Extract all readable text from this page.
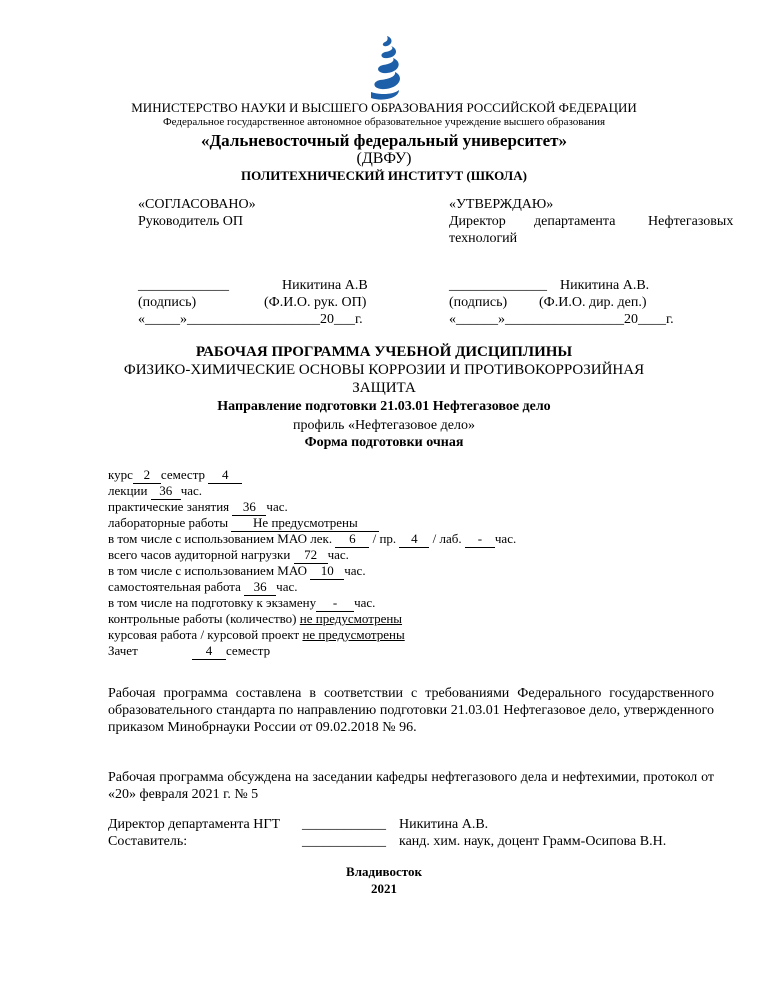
МИНИСТЕРСТВО НАУКИ И ВЫСШЕГО ОБРАЗОВАНИЯ РОССИЙСКОЙ ФЕДЕРАЦИИ
Федеральное государственное автономное образовательное учреждение высшего образования
«Дальневосточный федеральный университет»
(ДВФУ)
ПОЛИТЕХНИЧЕСКИЙ ИНСТИТУТ (ШКОЛА)
«СОГЛАСОВАНО»
Руководитель ОП
_____________	Никитина А.В
(подпись)	(Ф.И.О. рук. ОП)
«_____»___________________20___г.
«УТВЕРЖДАЮ»
Директор департамента Нефтегазовых
технологий
______________ Никитина А.В.
(подпись) (Ф.И.О. дир. деп.)
«______»_________________20____г.
РАБОЧАЯ ПРОГРАММА УЧЕБНОЙ ДИСЦИПЛИНЫ
ФИЗИКО-ХИМИЧЕСКИЕ ОСНОВЫ КОРРОЗИИ И ПРОТИВОКОРРОЗИЙНАЯ
ЗАЩИТА
Направление подготовки 21.03.01 Нефтегазовое дело
профиль «Нефтегазовое дело»
Форма подготовки очная
курс 2 семестр 4
лекции 36 час.
практические занятия 36 час.
лабораторные работы Не предусмотрены
в том числе с использованием МАО лек. 6 / пр. 4 / лаб. - час.
всего часов аудиторной нагрузки 72 час.
в том числе с использованием МАО 10 час.
самостоятельная работа 36 час.
в том числе на подготовку к экзамену - час.
контрольные работы (количество) не предусмотрены
курсовая работа / курсовой проект не предусмотрены
Зачет	4 семестр
Рабочая программа составлена в соответствии с требованиями Федерального государственного образовательного стандарта по направлению подготовки 21.03.01 Нефтегазовое дело, утвержденного приказом Минобрнауки России от 09.02.2018 № 96.
Рабочая программа обсуждена на заседании кафедры нефтегазового дела и нефтехимии, протокол от «20» февраля 2021 г. № 5
Директор департамента НГТ ____________ Никитина А.В.
Составитель:	____________ канд. хим. наук, доцент Грамм-Осипова В.Н.
Владивосток
2021
